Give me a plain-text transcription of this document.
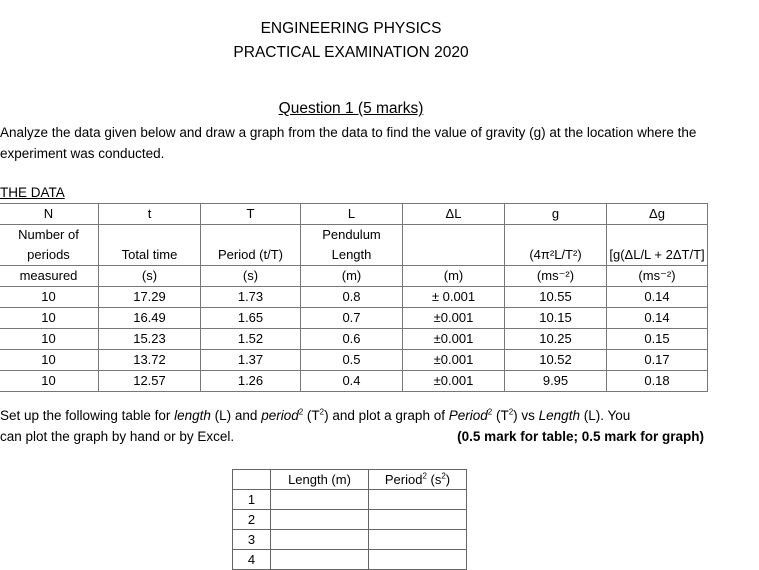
ENGINEERING PHYSICS
PRACTICAL EXAMINATION 2020
Question 1 (5 marks)
Analyze the data given below and draw a graph from the data to find the value of gravity (g) at the location where the experiment was conducted.
THE DATA
N	t	T	L	ΔL	g	Δg
Number of periods	Total time	Period (t/T)	Pendulum Length		(4π²L/T²)	[g(ΔL/L + 2ΔT/T]
measured	(s)	(s)	(m)	(m)	(ms⁻²)	(ms⁻²)
10	17.29	1.73	0.8	± 0.001	10.55	0.14
10	16.49	1.65	0.7	±0.001	10.15	0.14
10	15.23	1.52	0.6	±0.001	10.25	0.15
10	13.72	1.37	0.5	±0.001	10.52	0.17
10	12.57	1.26	0.4	±0.001	9.95	0.18
Set up the following table for length (L) and period$^2$ $(T^2)$ and plot a graph of Period$^2$ $(T^2)$ vs Length (L). You
can plot the graph by hand or by Excel.	(0.5 mark for table; 0.5 mark for graph)
	Length (m)	Period$^2$ $(s^2)$
1		
2		
3		
4		
